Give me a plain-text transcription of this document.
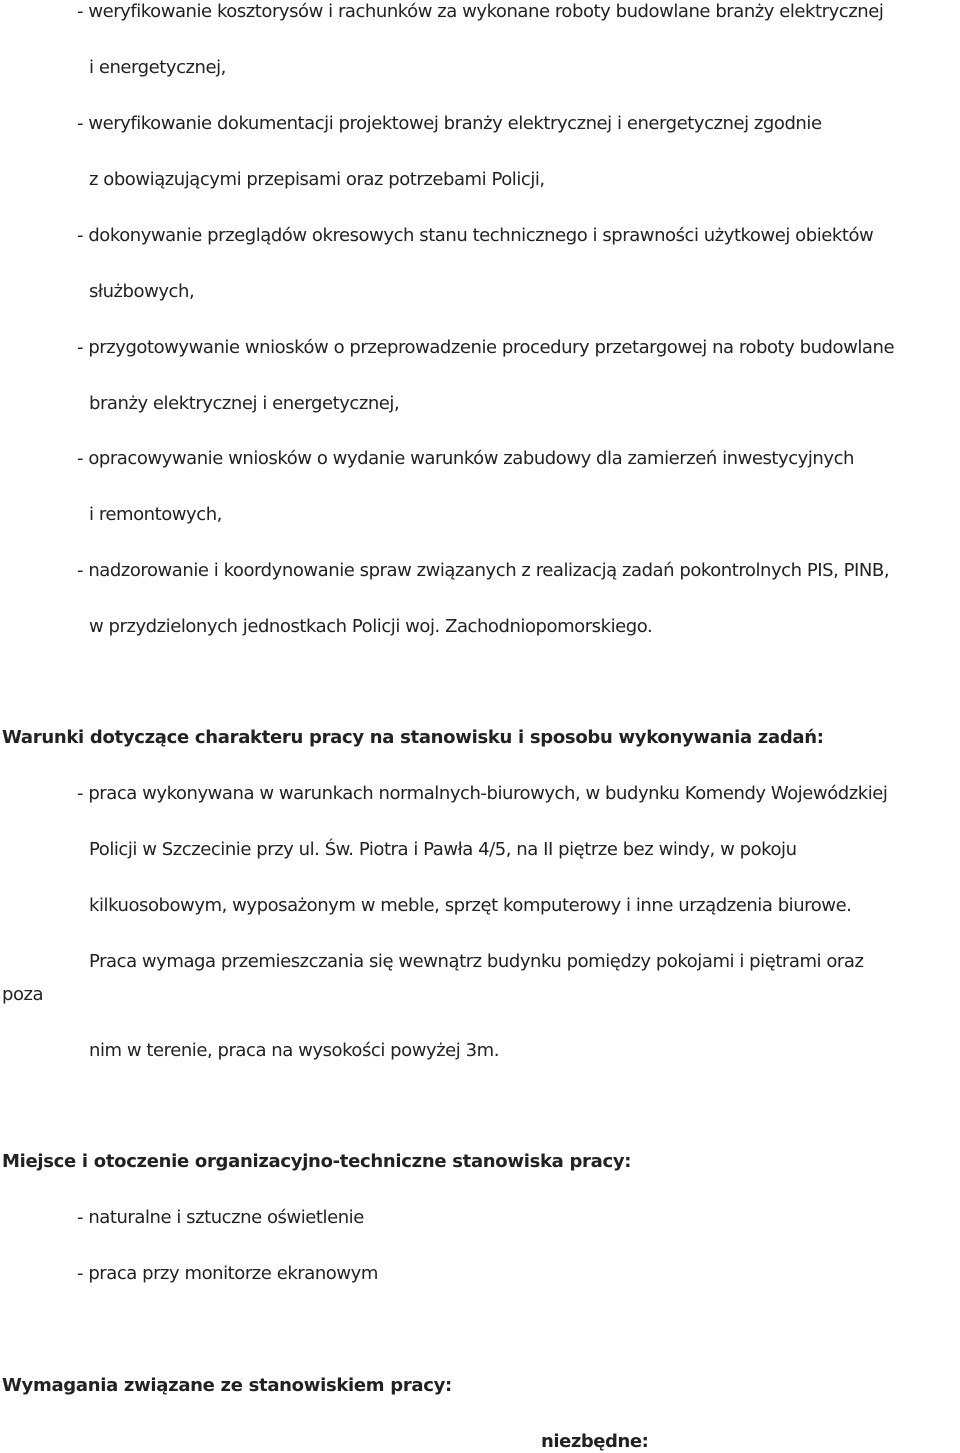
- weryfikowanie kosztorysów i rachunków za wykonane roboty budowlane branży elektrycznej
i energetycznej,
- weryfikowanie dokumentacji projektowej branży elektrycznej i energetycznej zgodnie
z obowiązującymi przepisami oraz potrzebami Policji,
- dokonywanie przeglądów okresowych stanu technicznego i sprawności użytkowej obiektów
służbowych,
- przygotowywanie wniosków o przeprowadzenie procedury przetargowej na roboty budowlane
branży elektrycznej i energetycznej,
- opracowywanie wniosków o wydanie warunków zabudowy dla zamierzeń inwestycyjnych
i remontowych,
- nadzorowanie i koordynowanie spraw związanych z realizacją zadań pokontrolnych PIS, PINB,
w przydzielonych jednostkach Policji woj. Zachodniopomorskiego.
Warunki dotyczące charakteru pracy na stanowisku i sposobu wykonywania zadań:
- praca wykonywana w warunkach normalnych-biurowych, w budynku Komendy Wojewódzkiej
Policji w Szczecinie przy ul. Św. Piotra i Pawła 4/5, na II piętrze bez windy, w pokoju
kilkuosobowym, wyposażonym w meble, sprzęt komputerowy i inne urządzenia biurowe.
Praca wymaga przemieszczania się wewnątrz budynku pomiędzy pokojami i piętrami oraz
poza
nim w terenie, praca na wysokości powyżej 3m.
Miejsce i otoczenie organizacyjno-techniczne stanowiska pracy:
- naturalne i sztuczne oświetlenie
- praca przy monitorze ekranowym
Wymagania związane ze stanowiskiem pracy:
niezbędne:
